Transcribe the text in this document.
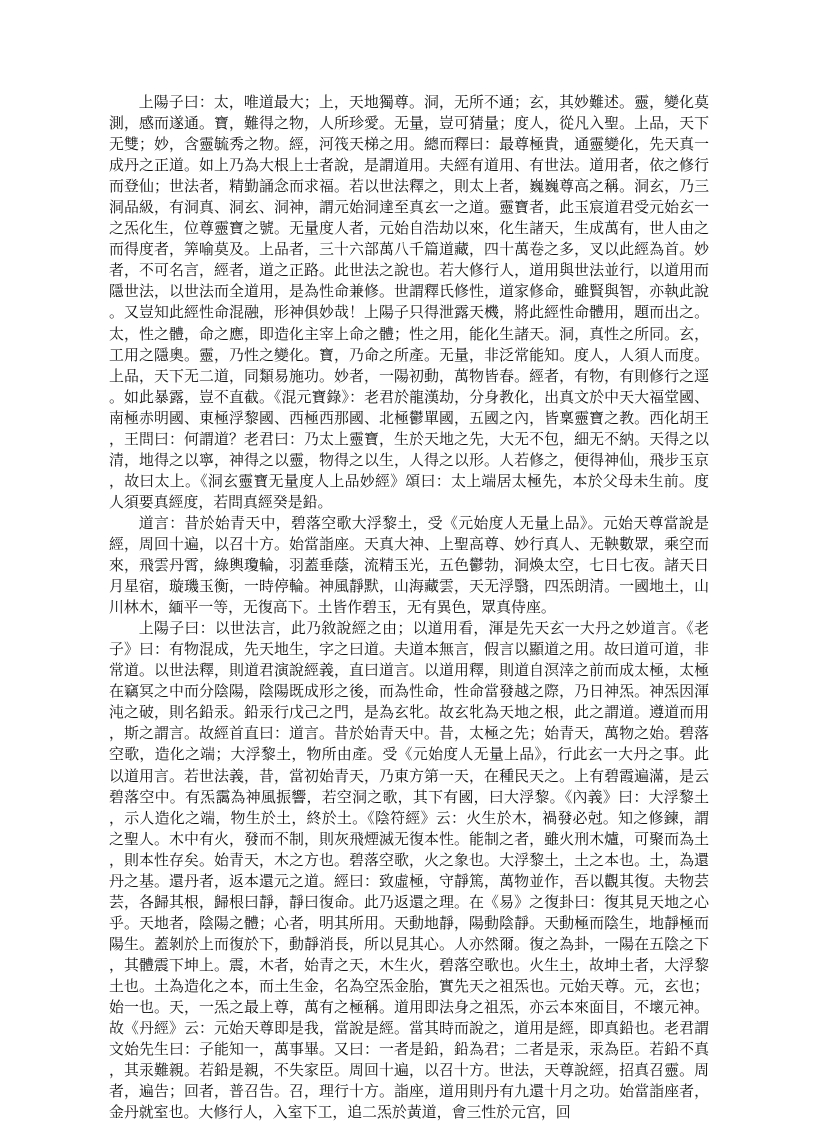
上陽子曰：太，唯道最大；上，天地獨尊。洞，无所不通；玄，其妙難述。靈，變化莫測，感而遂通。寶，難得之物，人所珍愛。无量，豈可猜量；度人，從凡入聖。上品，天下无雙；妙，含靈毓秀之物。經，河筏天梯之用。總而釋曰：最尊極貴，通靈變化，先天真一成丹之正道。如上乃為大根上士者說，是謂道用。夫經有道用、有世法。道用者，依之修行而登仙；世法者，精勤誦念而求福。若以世法釋之，則太上者，巍巍尊高之稱。洞玄，乃三洞品級，有洞真、洞玄、洞神，謂元始洞達至真玄一之道。靈寶者，此玉宸道君受元始玄一之炁化生，位尊靈寶之號。无量度人者，元始自浩劫以來，化生諸天，生成萬有，世人由之而得度者，筭喻莫及。上品者，三十六部萬八千篇道藏，四十萬卷之多，叉以此經為首。妙者，不可名言，經者，道之正路。此世法之說也。若大修行人，道用與世法並行，以道用而隱世法，以世法而全道用，是為性命兼修。世謂釋氏修性，道家修命，雖賢與智，亦執此說。又豈知此經性命混融，形神俱妙哉！上陽子只得泄露天機，將此經性命體用，題而出之。太，性之體，命之應，即造化主宰上命之體；性之用，能化生諸天。洞，真性之所同。玄，工用之隱奧。靈，乃性之變化。寶，乃命之所產。无量，非泛常能知。度人，人須人而度。上品，天下无二道，同類易施功。妙者，一陽初動，萬物皆春。經者，有物，有則修行之逕。如此暴露，豈不直截。《混元寶錄》：老君於龍漢劫，分身教化，出真文於中天大福堂國、南極赤明國、東極浮黎國、西極西那國、北極鬱單國，五國之內，皆稟靈寶之教。西化胡王，王問曰：何謂道？老君曰：乃太上靈寶，生於天地之先，大无不包，細无不納。天得之以清，地得之以寧，神得之以靈，物得之以生，人得之以形。人若修之，便得神仙，飛步玉京，故曰太上。《洞玄靈寶无量度人上品妙經》頌曰：太上端居太極先，本於父母未生前。度人須要真經度，若問真經癸是鉛。

道言：昔於始青天中，碧落空歌大浮黎土，受《元始度人无量上品》。元始天尊當說是經，周回十遍，以召十方。始當詣座。天真大神、上聖高尊、妙行真人、无鞅數眾，乘空而來，飛雲丹霄，綠輿瓊輪，羽蓋垂蔭，流精玉光，五色鬱勃，洞煥太空，七日七夜。諸天日月星宿，璇璣玉衡，一時停輪。神風靜默，山海藏雲，天无浮翳，四炁朗清。一國地土，山川林木，緬平一等，无復高下。土皆作碧玉，无有異色，眾真侍座。

上陽子曰：以世法言，此乃敘說經之由；以道用看，渾是先天玄一大丹之妙道言。《老子》曰：有物混成，先天地生，字之曰道。夫道本無言，假言以顯道之用。故曰道可道，非常道。以世法釋，則道君演說經義，直曰道言。以道用釋，則道自溟涬之前而成太極，太極在竊冥之中而分陰陽，陰陽既成形之後，而為性命，性命當發越之際，乃日神炁。神炁因渾沌之破，則名鉛汞。鉛汞行戊己之門，是為玄牝。故玄牝為天地之根，此之謂道。遵道而用，斯之謂言。故經首直曰：道言。昔於始青天中。昔，太極之先；始青天，萬物之始。碧落空歌，造化之端；大浮黎土，物所由產。受《元始度人无量上品》，行此玄一大丹之事。此以道用言。若世法義，昔，當初始青天，乃東方第一天，在種民天之。上有碧霞遍滿，是云碧落空中。有炁靄為神風振響，若空洞之歌，其下有國，曰大浮黎。《內義》曰：大浮黎土，示人造化之端，物生於土，終於土。《陰符經》云：火生於木，禍發必尅。知之修鍊，謂之聖人。木中有火，發而不制，則灰飛煙滅无復本性。能制之者，雖火刑木爐，可聚而為土，則本性存矣。始青天，木之方也。碧落空歌，火之象也。大浮黎土，土之本也。土，為還丹之基。還丹者，返本還元之道。經曰：致虛極，守靜篤，萬物並作，吾以觀其復。夫物芸芸，各歸其根，歸根曰靜，靜曰復命。此乃返還之理。在《易》之復卦曰：復其見天地之心乎。天地者，陰陽之體；心者，明其所用。天動地靜，陽動陰靜。天動極而陰生，地靜極而陽生。蓋剝於上而復於下，動靜消長，所以見其心。人亦然爾。復之為卦，一陽在五陰之下，其體震下坤上。震，木者，始青之天，木生火，碧落空歌也。火生土，故坤土者，大浮黎土也。土為造化之本，而土生金，名為空炁金胎，實先天之祖炁也。元始天尊。元，玄也；始一也。天，一炁之最上尊，萬有之極稱。道用即法身之祖炁，亦云本來面目，不壞元神。故《丹經》云：元始天尊即是我，當說是經。當其時而說之，道用是經，即真鉛也。老君謂文始先生曰：子能知一，萬事畢。又曰：一者是鉛，鉛為君；二者是汞，汞為臣。若鉛不真，其汞難親。若鉛是親，不失家臣。周回十遍，以召十方。世法，天尊說經，招真召靈。周者，遍告；回者，普召告。召，理行十方。詣座，道用則丹有九還十月之功。始當詣座者，金丹就室也。大修行人，入室下工，追二炁於黃道，會三性於元宫，回
